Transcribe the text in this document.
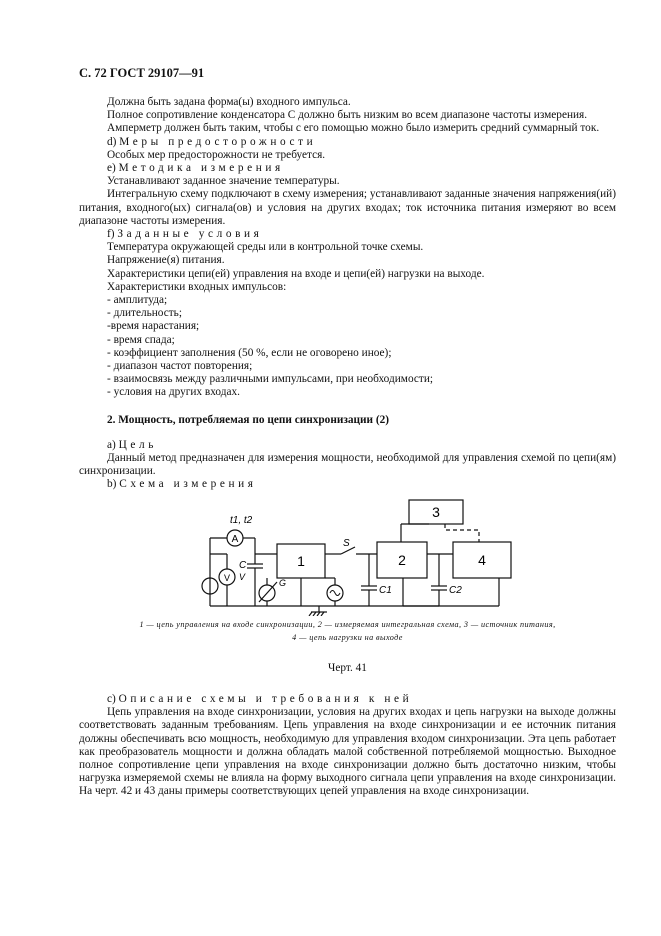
С. 72 ГОСТ 29107—91

Должна быть задана форма(ы) входного импульса.

Полное сопротивление конденсатора C должно быть низким во всем диапазоне частоты измерения.

Амперметр должен быть таким, чтобы с его помощью можно было измерить средний суммарный ток.

d) Меры предосторожности

Особых мер предосторожности не требуется.

e) Методика измерения

Устанавливают заданное значение температуры.

Интегральную схему подключают в схему измерения; устанавливают заданные значения напряжения(ий) питания, входного(ых) сигнала(ов) и условия на других входах; ток источника питания измеряют во всем диапазоне частоты измерения.

f) Заданные условия

Температура окружающей среды или в контрольной точке схемы.

Напряжение(я) питания.

Характеристики цепи(ей) управления на входе и цепи(ей) нагрузки на выходе.

Характеристики входных импульсов:

- амплитуда;
- длительность;
-время нарастания;
- время спада;
- коэффициент заполнения (50 %, если не оговорено иное);
- диапазон частот повторения;
- взаимосвязь между различными импульсами, при необходимости;
- условия на других входах.

2. Мощность, потребляемая по цепи синхронизации (2)

a) Цель

Данный метод предназначен для измерения мощности, необходимой для управления схемой по цепи(ям) синхронизации.

b) Схема измерения

A
V V
t1, t2
C	1	2
3
4
S
G
C1	C2
1 — цепь управления на входе синхронизации, 2 — измеряемая интегральная схема, 3 — источник питания,
4 — цепь нагрузки на выходе
Черт. 41

c) Описание схемы и требования к ней

Цепь управления на входе синхронизации, условия на других входах и цепь нагрузки на выходе должны соответствовать заданным требованиям. Цепь управления на входе синхронизации и ее источник питания должны обеспечивать всю мощность, необходимую для управления входом синхронизации. Эта цепь работает как преобразователь мощности и должна обладать малой собственной потребляемой мощностью. Выходное полное сопротивление цепи управления на входе синхронизации должно быть достаточно низким, чтобы нагрузка измеряемой схемы не влияла на форму выходного сигнала цепи управления на входе синхронизации. На черт. 42 и 43 даны примеры соответствующих цепей управления на входе синхронизации.
